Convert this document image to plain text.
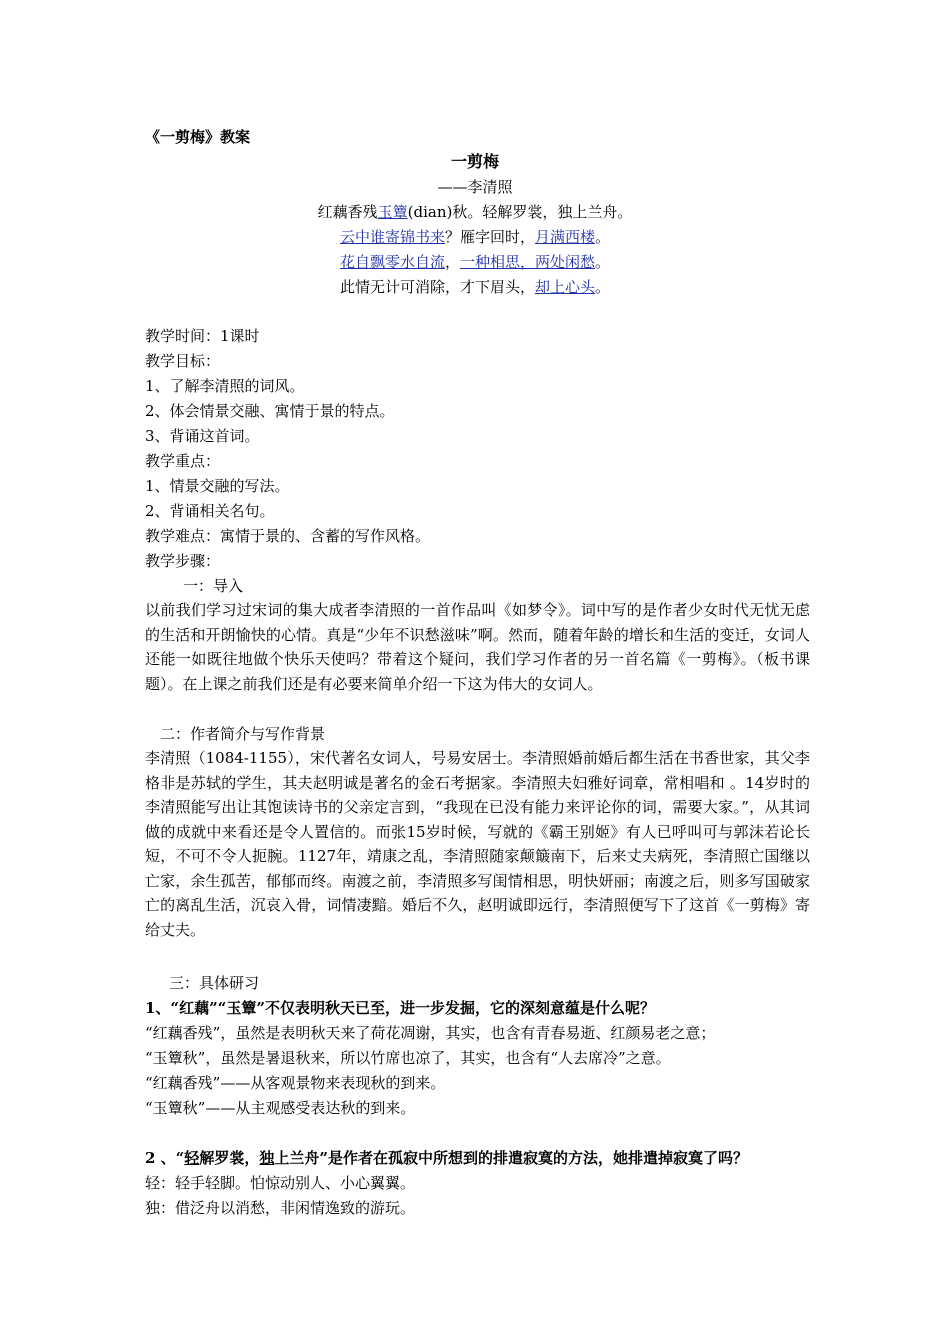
《一剪梅》教案
一剪梅
——李清照
红藕香残玉簟(dian)秋。轻解罗裳，独上兰舟。
云中谁寄锦书来？雁字回时，月满西楼。
花自飘零水自流，一种相思，两处闲愁。
此情无计可消除，才下眉头，却上心头。
教学时间：1课时
教学目标：
1、了解李清照的词风。
2、体会情景交融、寓情于景的特点。
3、背诵这首词。
教学重点：
1、情景交融的写法。
2、背诵相关名句。
教学难点：寓情于景的、含蓄的写作风格。
教学步骤：
一：导入
以前我们学习过宋词的集大成者李清照的一首作品叫《如梦令》。词中写的是作者少女时代无忧无虑的生活和开朗愉快的心情。真是“少年不识愁滋味”啊。然而，随着年龄的增长和生活的变迁，女词人还能一如既往地做个快乐天使吗？带着这个疑问，我们学习作者的另一首名篇《一剪梅》。（板书课题）。在上课之前我们还是有必要来简单介绍一下这为伟大的女词人。
二：作者简介与写作背景
李清照（1084-1155），宋代著名女词人，号易安居士。李清照婚前婚后都生活在书香世家，其父李格非是苏轼的学生，其夫赵明诚是著名的金石考据家。李清照夫妇雅好词章，常相唱和 。14岁时的李清照能写出让其饱读诗书的父亲定言到，“我现在已没有能力来评论你的词，需要大家。”，从其词做的成就中来看还是令人置信的。而张15岁时候，写就的《霸王别姬》有人已呼叫可与郭沫若论长短，不可不令人扼腕。1127年，靖康之乱，李清照随家颠簸南下，后来丈夫病死，李清照亡国继以亡家，余生孤苦，郁郁而终。南渡之前，李清照多写闺情相思，明快妍丽；南渡之后，则多写国破家亡的离乱生活，沉哀入骨，词情凄黯。婚后不久，赵明诚即远行，李清照便写下了这首《一剪梅》寄给丈夫。
三：具体研习
1、“红藕”“玉簟”不仅表明秋天已至，进一步发掘，它的深刻意蕴是什么呢？
“红藕香残”，虽然是表明秋天来了荷花凋谢，其实，也含有青春易逝、红颜易老之意；
“玉簟秋”，虽然是暑退秋来，所以竹席也凉了，其实，也含有“人去席冷”之意。
“红藕香残”——从客观景物来表现秋的到来。
“玉簟秋”——从主观感受表达秋的到来。
2 、“轻解罗裳，独上兰舟”是作者在孤寂中所想到的排遣寂寞的方法，她排遣掉寂寞了吗？
轻：轻手轻脚。怕惊动别人、小心翼翼。
独：借泛舟以消愁，非闲情逸致的游玩。
